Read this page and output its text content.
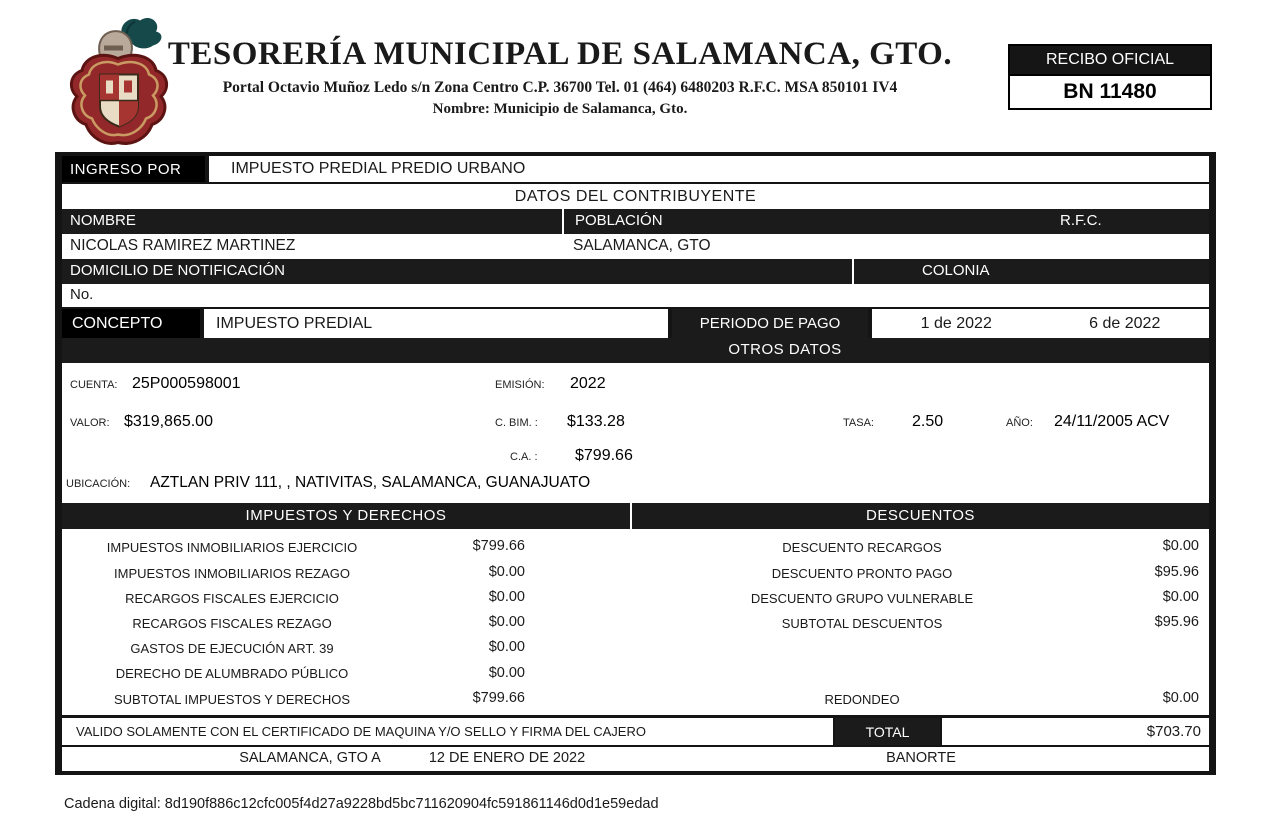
TESORERÍA MUNICIPAL DE SALAMANCA, GTO.
Portal Octavio Muñoz Ledo s/n Zona Centro C.P. 36700 Tel. 01 (464) 6480203 R.F.C. MSA 850101 IV4
Nombre: Municipio de Salamanca, Gto.
RECIBO OFICIAL
BN 11480
INGRESO POR	IMPUESTO PREDIAL PREDIO URBANO
DATOS DEL CONTRIBUYENTE
NOMBRE	POBLACIÓN	R.F.C.
NICOLAS RAMIREZ MARTINEZ	SALAMANCA, GTO
DOMICILIO DE NOTIFICACIÓN	COLONIA
No.
CONCEPTO	IMPUESTO PREDIAL	PERIODO DE PAGO	1 de 2022	6 de 2022
OTROS DATOS
CUENTA: 25P000598001	EMISIÓN: 2022
VALOR: $319,865.00	C. BIM. : $133.28	TASA: 2.50	AÑO: 24/11/2005 ACV
C.A. : $799.66
UBICACIÓN: AZTLAN PRIV 111, , NATIVITAS, SALAMANCA, GUANAJUATO
IMPUESTOS Y DERECHOS	DESCUENTOS
IMPUESTOS INMOBILIARIOS EJERCICIO	$799.66
IMPUESTOS INMOBILIARIOS REZAGO	$0.00
RECARGOS FISCALES EJERCICIO	$0.00
RECARGOS FISCALES REZAGO	$0.00
GASTOS DE EJECUCIÓN ART. 39	$0.00
DERECHO DE ALUMBRADO PÚBLICO	$0.00
SUBTOTAL IMPUESTOS Y DERECHOS	$799.66
DESCUENTO RECARGOS	$0.00
DESCUENTO PRONTO PAGO	$95.96
DESCUENTO GRUPO VULNERABLE	$0.00
SUBTOTAL DESCUENTOS	$95.96
REDONDEO	$0.00
VALIDO SOLAMENTE CON EL CERTIFICADO DE MAQUINA Y/O SELLO Y FIRMA DEL CAJERO	TOTAL	$703.70
SALAMANCA, GTO A	12 DE ENERO DE 2022	BANORTE
Cadena digital: 8d190f886c12cfc005f4d27a9228bd5bc711620904fc591861146d0d1e59edad
